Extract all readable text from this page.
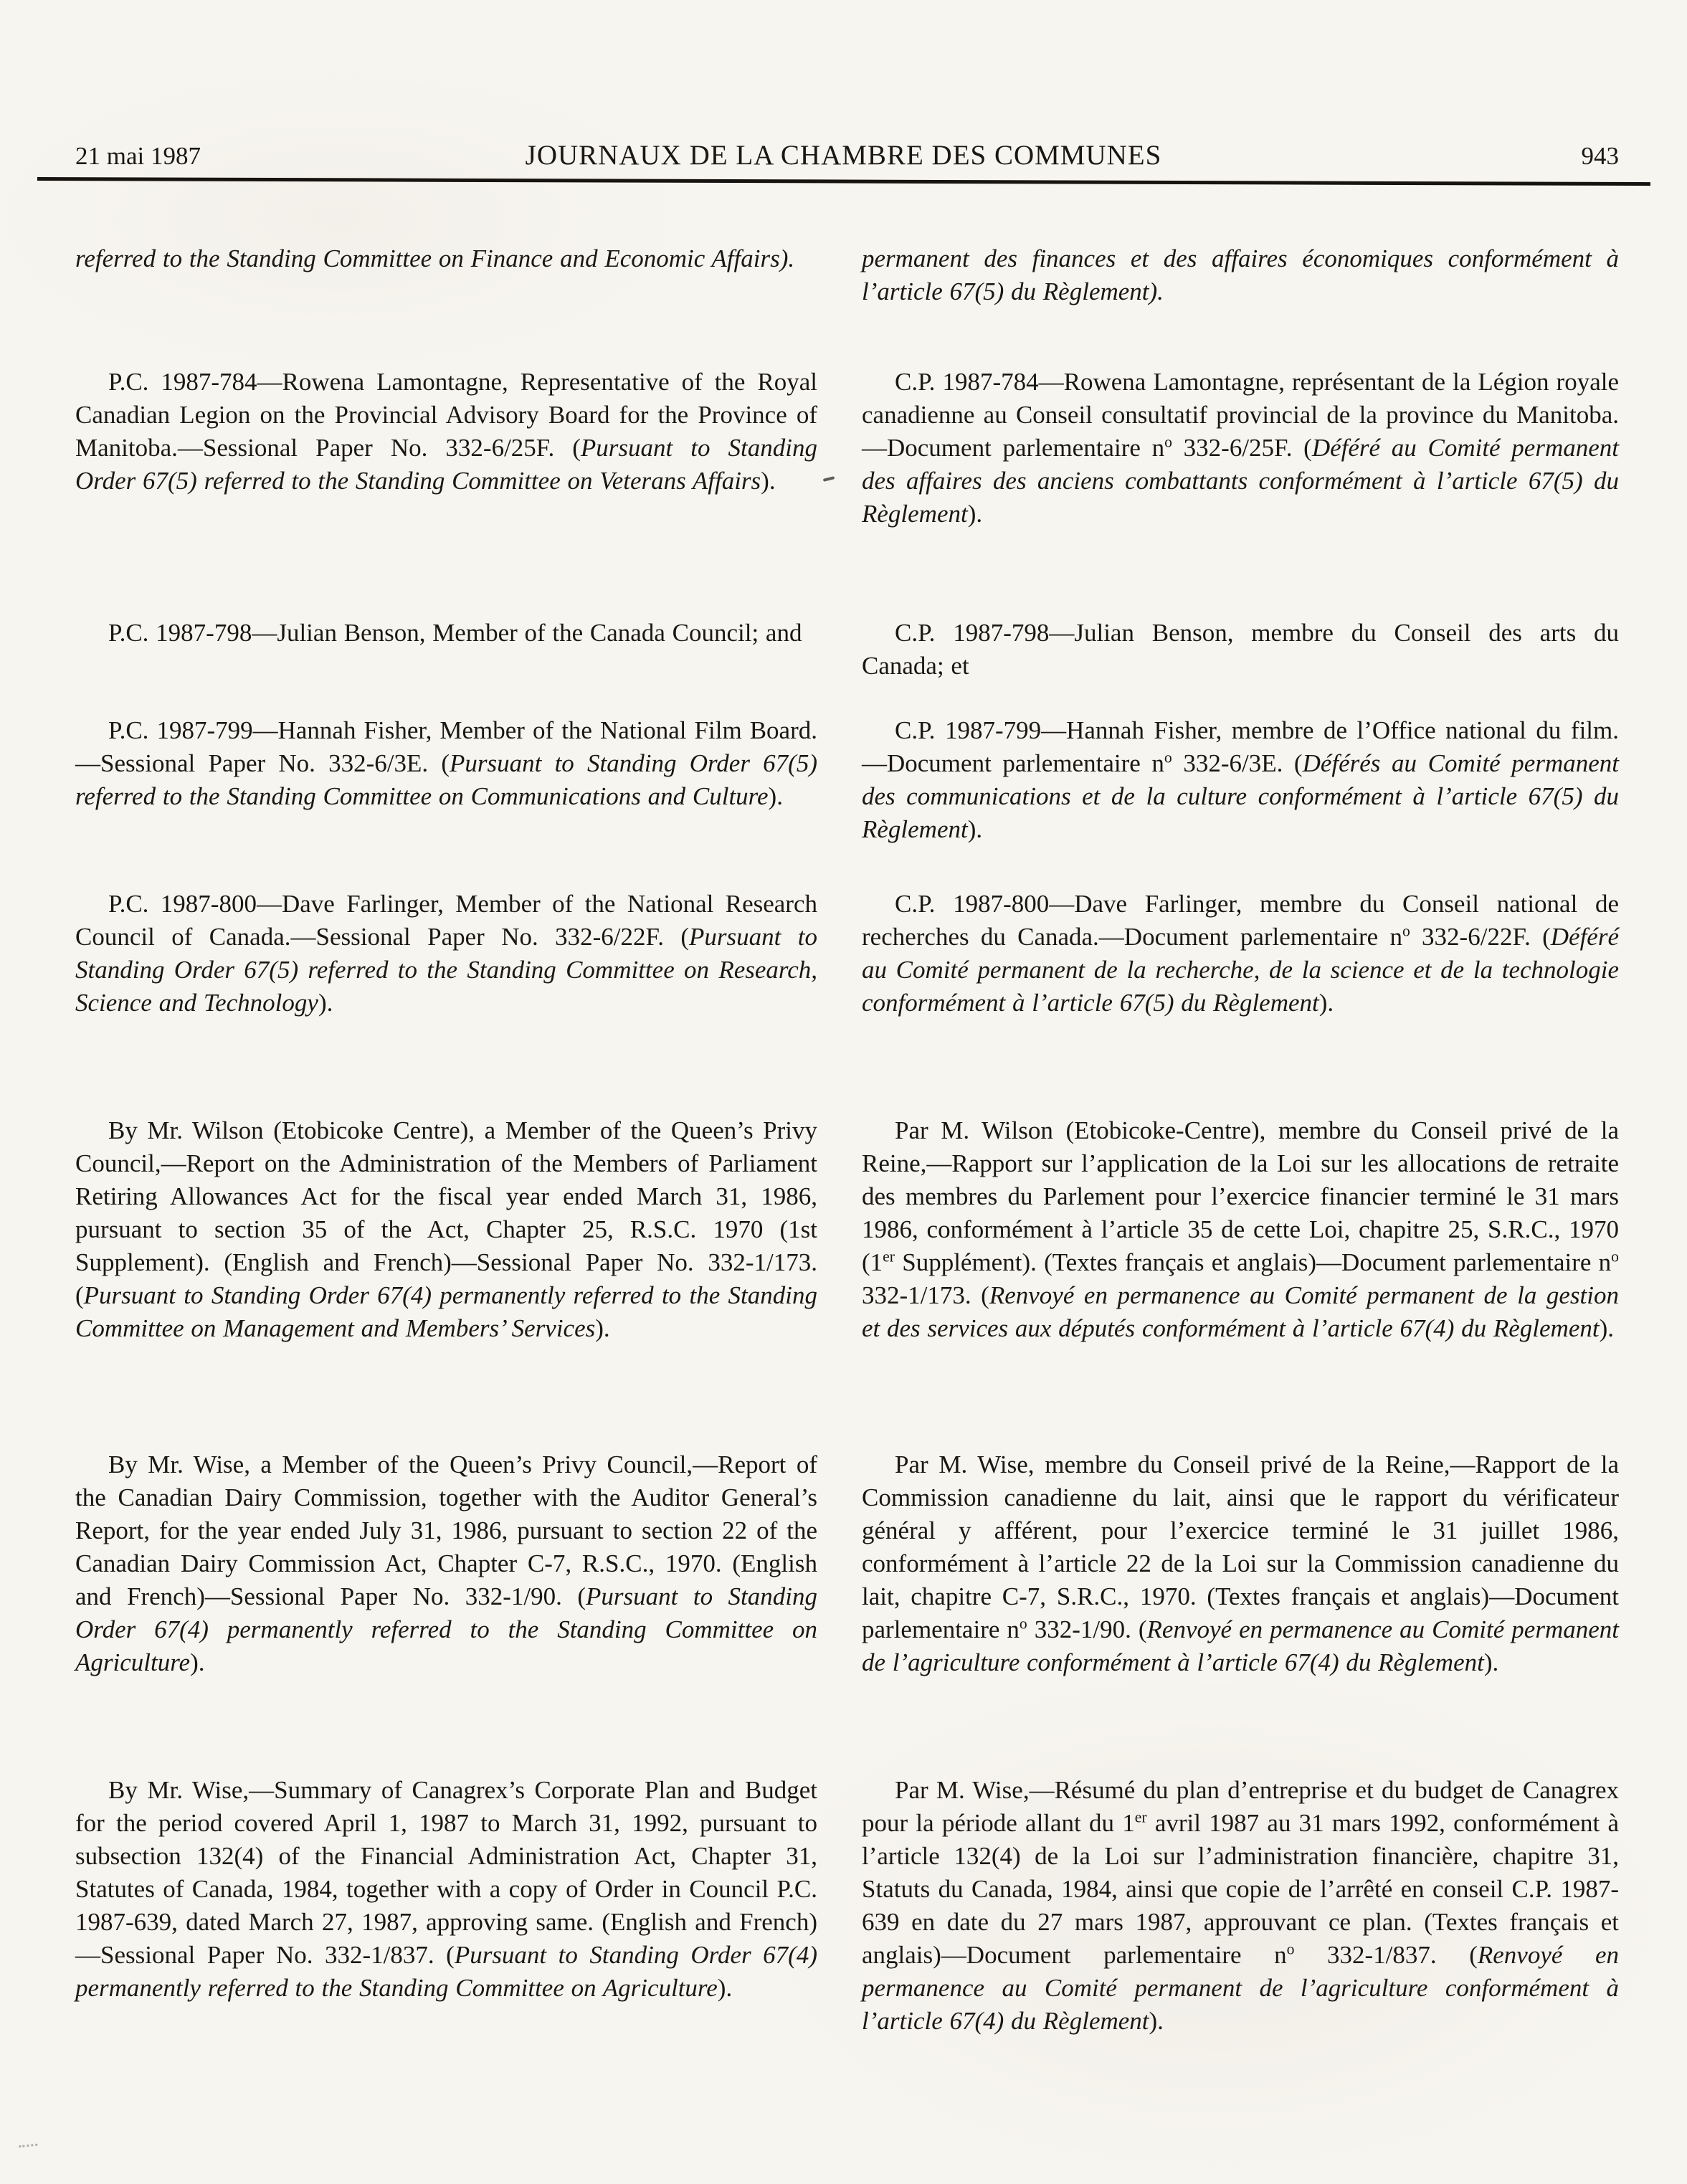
21 mai 1987	JOURNAUX DE LA CHAMBRE DES COMMUNES	943

referred to the Standing Committee on Finance and Economic Affairs).

P.C. 1987-784—Rowena Lamontagne, Representative of the Royal Canadian Legion on the Provincial Advisory Board for the Province of Manitoba.—Sessional Paper No. 332-6/25F. (Pursuant to Standing Order 67(5) referred to the Standing Committee on Veterans Affairs).

P.C. 1987-798—Julian Benson, Member of the Canada Council; and

P.C. 1987-799—Hannah Fisher, Member of the National Film Board.—Sessional Paper No. 332-6/3E. (Pursuant to Standing Order 67(5) referred to the Standing Committee on Communications and Culture).

P.C. 1987-800—Dave Farlinger, Member of the National Research Council of Canada.—Sessional Paper No. 332-6/22F. (Pursuant to Standing Order 67(5) referred to the Standing Committee on Research, Science and Technology).

By Mr. Wilson (Etobicoke Centre), a Member of the Queen’s Privy Council,—Report on the Administration of the Members of Parliament Retiring Allowances Act for the fiscal year ended March 31, 1986, pursuant to section 35 of the Act, Chapter 25, R.S.C. 1970 (1st Supplement). (English and French)—Sessional Paper No. 332-1/173. (Pursuant to Standing Order 67(4) permanently referred to the Standing Committee on Management and Members’ Services).

By Mr. Wise, a Member of the Queen’s Privy Council,—Report of the Canadian Dairy Commission, together with the Auditor General’s Report, for the year ended July 31, 1986, pursuant to section 22 of the Canadian Dairy Commission Act, Chapter C-7, R.S.C., 1970. (English and French)—Sessional Paper No. 332-1/90. (Pursuant to Standing Order 67(4) permanently referred to the Standing Committee on Agriculture).

By Mr. Wise,—Summary of Canagrex’s Corporate Plan and Budget for the period covered April 1, 1987 to March 31, 1992, pursuant to subsection 132(4) of the Financial Administration Act, Chapter 31, Statutes of Canada, 1984, together with a copy of Order in Council P.C. 1987-639, dated March 27, 1987, approving same. (English and French)—Sessional Paper No. 332-1/837. (Pursuant to Standing Order 67(4) permanently referred to the Standing Committee on Agriculture).

permanent des finances et des affaires économiques conformément à l’article 67(5) du Règlement).

C.P. 1987-784—Rowena Lamontagne, représentant de la Légion royale canadienne au Conseil consultatif provincial de la province du Manitoba.—Document parlementaire $n^o$ 332-6/25F. (Déféré au Comité permanent des affaires des anciens combattants conformément à l’article 67(5) du Règlement).

C.P. 1987-798—Julian Benson, membre du Conseil des arts du Canada; et

C.P. 1987-799—Hannah Fisher, membre de l’Office national du film.—Document parlementaire $n^o$ 332-6/3E. (Déférés au Comité permanent des communications et de la culture conformément à l’article 67(5) du Règlement).

C.P. 1987-800—Dave Farlinger, membre du Conseil national de recherches du Canada.—Document parlementaire $n^o$ 332-6/22F. (Déféré au Comité permanent de la recherche, de la science et de la technologie conformément à l’article 67(5) du Règlement).

Par M. Wilson (Etobicoke-Centre), membre du Conseil privé de la Reine,—Rapport sur l’application de la Loi sur les allocations de retraite des membres du Parlement pour l’exercice financier terminé le 31 mars 1986, conformément à l’article 35 de cette Loi, chapitre 25, S.R.C., 1970 (1er Supplément). (Textes français et anglais)—Document parlementaire $n^o$ 332-1/173. (Renvoyé en permanence au Comité permanent de la gestion et des services aux députés conformément à l’article 67(4) du Règlement).

Par M. Wise, membre du Conseil privé de la Reine,—Rapport de la Commission canadienne du lait, ainsi que le rapport du vérificateur général y afférent, pour l’exercice terminé le 31 juillet 1986, conformément à l’article 22 de la Loi sur la Commission canadienne du lait, chapitre C-7, S.R.C., 1970. (Textes français et anglais)—Document parlementaire $n^o$ 332-1/90. (Renvoyé en permanence au Comité permanent de l’agriculture conformément à l’article 67(4) du Règlement).

Par M. Wise,—Résumé du plan d’entreprise et du budget de Canagrex pour la période allant du 1er avril 1987 au 31 mars 1992, conformément à l’article 132(4) de la Loi sur l’administration financière, chapitre 31, Statuts du Canada, 1984, ainsi que copie de l’arrêté en conseil C.P. 1987-639 en date du 27 mars 1987, approuvant ce plan. (Textes français et anglais)—Document parlementaire $n^o$ 332-1/837. (Renvoyé en permanence au Comité permanent de l’agriculture conformément à l’article 67(4) du Règlement).
